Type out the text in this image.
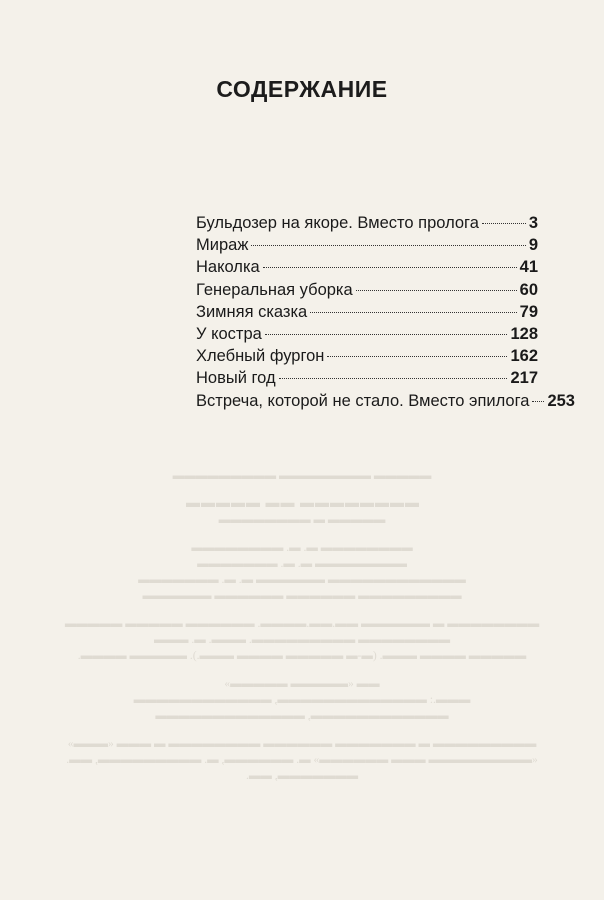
СОДЕРЖАНИЕ
Бульдозер на якоре. Вместо пролога	3
Мираж	9
Наколка	41
Генеральная уборка	60
Зимняя сказка	79
У костра	128
Хлебный фургон	162
Новый год	217
Встреча, которой не стало. Вместо эпилога 253
▬▬▬▬▬ ▬▬▬▬▬▬▬▬ ▬▬▬▬▬▬▬▬▬
▬▬▬▬▬▬▬▬ ▬▬ ▬▬▬▬▬
▬▬▬▬▬ ▬ ▬▬▬▬▬▬▬▬
▬▬▬▬▬▬▬▬ ▬. ▬. ▬▬▬▬▬▬▬▬
▬▬▬▬▬▬▬▬ ▬. ▬. ▬▬▬▬▬▬▬
▬▬▬▬▬▬▬▬▬▬▬▬ ▬▬▬▬▬▬ ▬. ▬. ▬▬▬▬▬▬▬
▬▬▬▬▬▬▬▬▬ ▬▬▬▬▬▬ ▬▬▬▬▬▬ ▬▬▬▬▬▬
▬▬▬▬▬▬▬▬ ▬ ▬▬▬▬▬▬ ▬▬.▬▬.▬▬▬▬. ▬▬▬▬▬▬ ▬▬▬▬▬ ▬▬▬▬▬
▬▬▬▬▬▬▬▬ ▬▬▬▬▬▬▬▬▬. ▬▬▬. ▬. ▬▬▬
▬▬▬▬▬ ▬▬▬▬ ▬▬▬. (▬-▬ ▬▬▬▬▬ ▬▬▬▬ ▬▬▬.). ▬▬▬▬▬ ▬▬▬▬.
▬▬ «▬▬▬▬▬ ▬▬▬▬▬»
▬▬▬.: ▬▬▬▬▬▬▬▬▬▬▬▬▬, ▬▬▬▬▬▬▬▬▬▬▬▬
▬▬▬▬▬▬▬▬▬▬▬▬, ▬▬▬▬▬▬▬▬▬▬▬▬▬
▬▬▬▬▬▬▬▬▬ ▬ ▬▬▬▬▬▬▬ ▬▬▬▬▬▬ ▬▬▬▬▬▬▬▬ ▬ ▬▬▬ «▬▬▬»
«▬▬▬▬▬▬▬▬▬ ▬▬▬ ▬▬▬▬▬▬» ▬. ▬▬▬▬▬▬, ▬. ▬▬▬▬▬▬▬▬▬, ▬▬. ▬▬▬▬▬▬▬, ▬▬.
